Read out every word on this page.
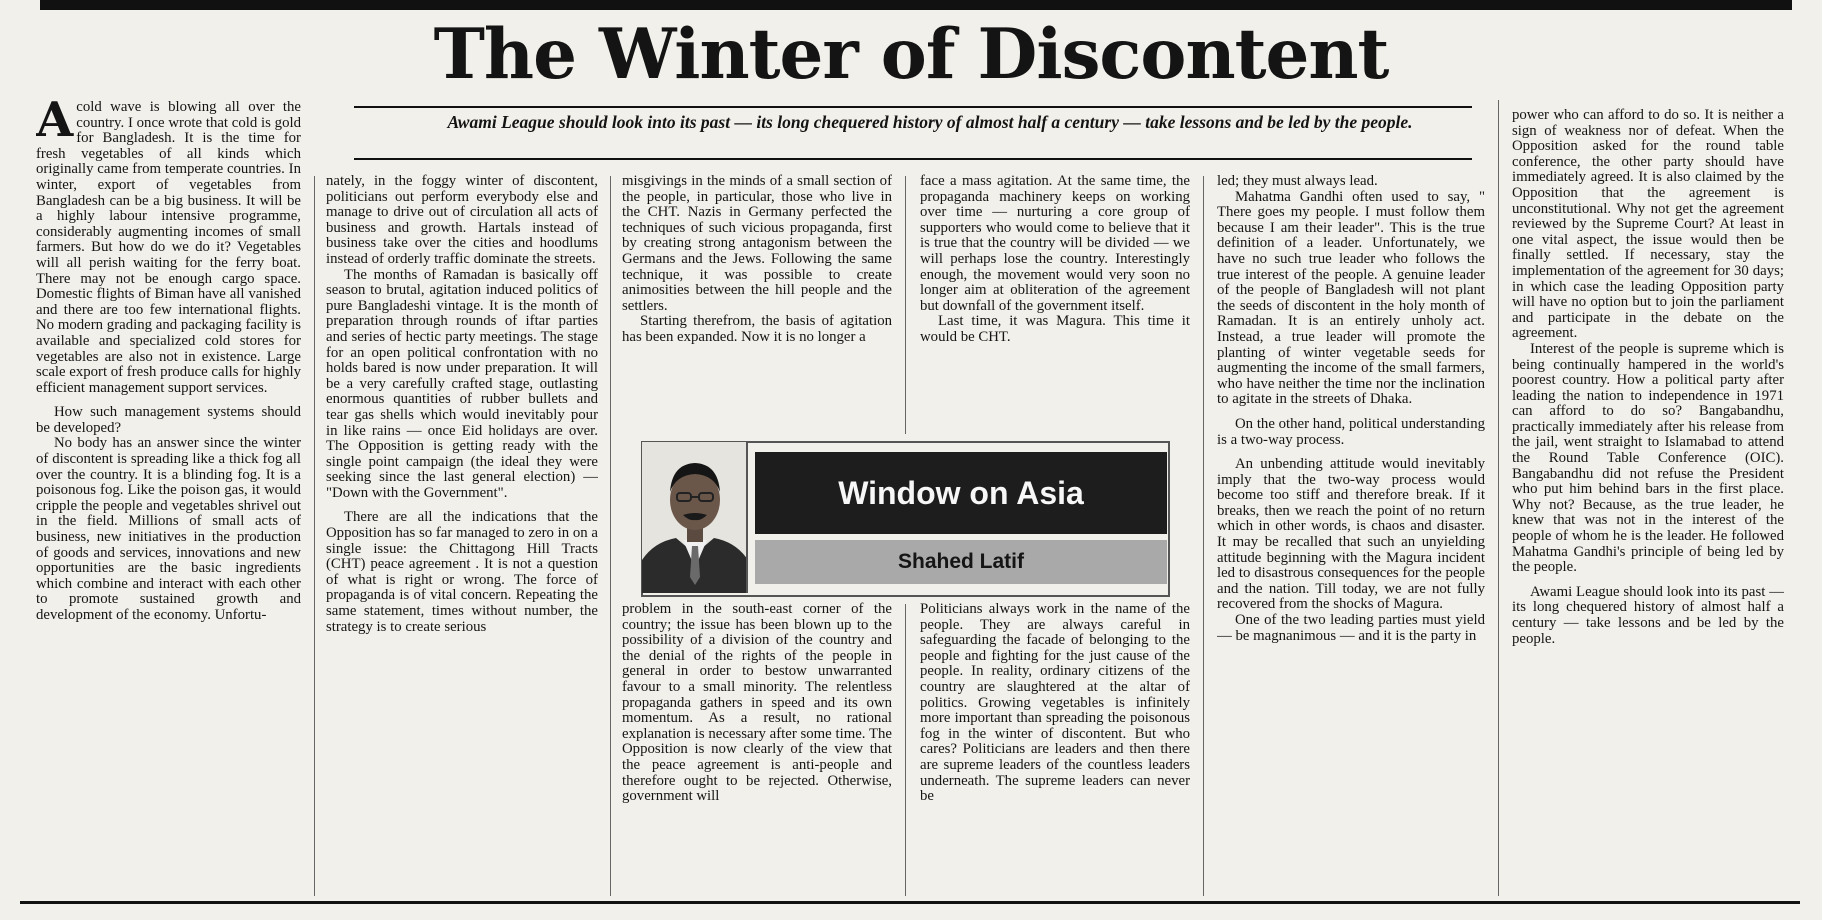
The Winter of Discontent
Awami League should look into its past — its long chequered history of almost half a century — take lessons and be led by the people.

Acold wave is blowing all over the country. I once wrote that cold is gold for Bangladesh. It is the time for fresh vegetables of all kinds which originally came from temperate countries. In winter, export of vegetables from Bangladesh can be a big business. It will be a highly labour intensive programme, considerably augmenting incomes of small farmers. But how do we do it? Vegetables will all perish waiting for the ferry boat. There may not be enough cargo space. Domestic flights of Biman have all vanished and there are too few international flights. No modern grading and packaging facility is available and specialized cold stores for vegetables are also not in existence. Large scale export of fresh produce calls for highly efficient management support services.

How such management systems should be developed?

No body has an answer since the winter of discontent is spreading like a thick fog all over the country. It is a blinding fog. It is a poisonous fog. Like the poison gas, it would cripple the people and vegetables shrivel out in the field. Millions of small acts of business, new initiatives in the production of goods and services, innovations and new opportunities are the basic ingredients which combine and interact with each other to promote sustained growth and development of the economy. Unfortu-

nately, in the foggy winter of discontent, politicians out perform everybody else and manage to drive out of circulation all acts of business and growth. Hartals instead of business take over the cities and hoodlums instead of orderly traffic dominate the streets.

The months of Ramadan is basically off season to brutal, agitation induced politics of pure Bangladeshi vintage. It is the month of preparation through rounds of iftar parties and series of hectic party meetings. The stage for an open political confrontation with no holds bared is now under preparation. It will be a very carefully crafted stage, outlasting enormous quantities of rubber bullets and tear gas shells which would inevitably pour in like rains — once Eid holidays are over. The Opposition is getting ready with the single point campaign (the ideal they were seeking since the last general election) — "Down with the Government".

There are all the indications that the Opposition has so far managed to zero in on a single issue: the Chittagong Hill Tracts (CHT) peace agreement . It is not a question of what is right or wrong. The force of propaganda is of vital concern. Repeating the same statement, times without number, the strategy is to create serious

misgivings in the minds of a small section of the people, in particular, those who live in the CHT. Nazis in Germany perfected the techniques of such vicious propaganda, first by creating strong antagonism between the Germans and the Jews. Following the same technique, it was possible to create animosities between the hill people and the settlers.

Starting therefrom, the basis of agitation has been expanded. Now it is no longer a

face a mass agitation. At the same time, the propaganda machinery keeps on working over time — nurturing a core group of supporters who would come to believe that it is true that the country will be divided — we will perhaps lose the country. Interestingly enough, the movement would very soon no longer aim at obliteration of the agreement but downfall of the government itself.

Last time, it was Magura. This time it would be CHT.

Window on Asia
Shahed Latif

problem in the south-east corner of the country; the issue has been blown up to the possibility of a division of the country and the denial of the rights of the people in general in order to bestow unwarranted favour to a small minority. The relentless propaganda gathers in speed and its own momentum. As a result, no rational explanation is necessary after some time. The Opposition is now clearly of the view that the peace agreement is anti-people and therefore ought to be rejected. Otherwise, government will

Politicians always work in the name of the people. They are always careful in safeguarding the facade of belonging to the people and fighting for the just cause of the people. In reality, ordinary citizens of the country are slaughtered at the altar of politics. Growing vegetables is infinitely more important than spreading the poisonous fog in the winter of discontent. But who cares? Politicians are leaders and then there are supreme leaders of the countless leaders underneath. The supreme leaders can never be

led; they must always lead.

Mahatma Gandhi often used to say, " There goes my people. I must follow them because I am their leader". This is the true definition of a leader. Unfortunately, we have no such true leader who follows the true interest of the people. A genuine leader of the people of Bangladesh will not plant the seeds of discontent in the holy month of Ramadan. It is an entirely unholy act. Instead, a true leader will promote the planting of winter vegetable seeds for augmenting the income of the small farmers, who have neither the time nor the inclination to agitate in the streets of Dhaka.

On the other hand, political understanding is a two-way process.

An unbending attitude would inevitably imply that the two-way process would become too stiff and therefore break. If it breaks, then we reach the point of no return which in other words, is chaos and disaster. It may be recalled that such an unyielding attitude beginning with the Magura incident led to disastrous consequences for the people and the nation. Till today, we are not fully recovered from the shocks of Magura.

One of the two leading parties must yield — be magnanimous — and it is the party in

power who can afford to do so. It is neither a sign of weakness nor of defeat. When the Opposition asked for the round table conference, the other party should have immediately agreed. It is also claimed by the Opposition that the agreement is unconstitutional. Why not get the agreement reviewed by the Supreme Court? At least in one vital aspect, the issue would then be finally settled. If necessary, stay the implementation of the agreement for 30 days; in which case the leading Opposition party will have no option but to join the parliament and participate in the debate on the agreement.

Interest of the people is supreme which is being continually hampered in the world's poorest country. How a political party after leading the nation to independence in 1971 can afford to do so? Bangabandhu, practically immediately after his release from the jail, went straight to Islamabad to attend the Round Table Conference (OIC). Bangabandhu did not refuse the President who put him behind bars in the first place. Why not? Because, as the true leader, he knew that was not in the interest of the people of whom he is the leader. He followed Mahatma Gandhi's principle of being led by the people.

Awami League should look into its past — its long chequered history of almost half a century — take lessons and be led by the people.
